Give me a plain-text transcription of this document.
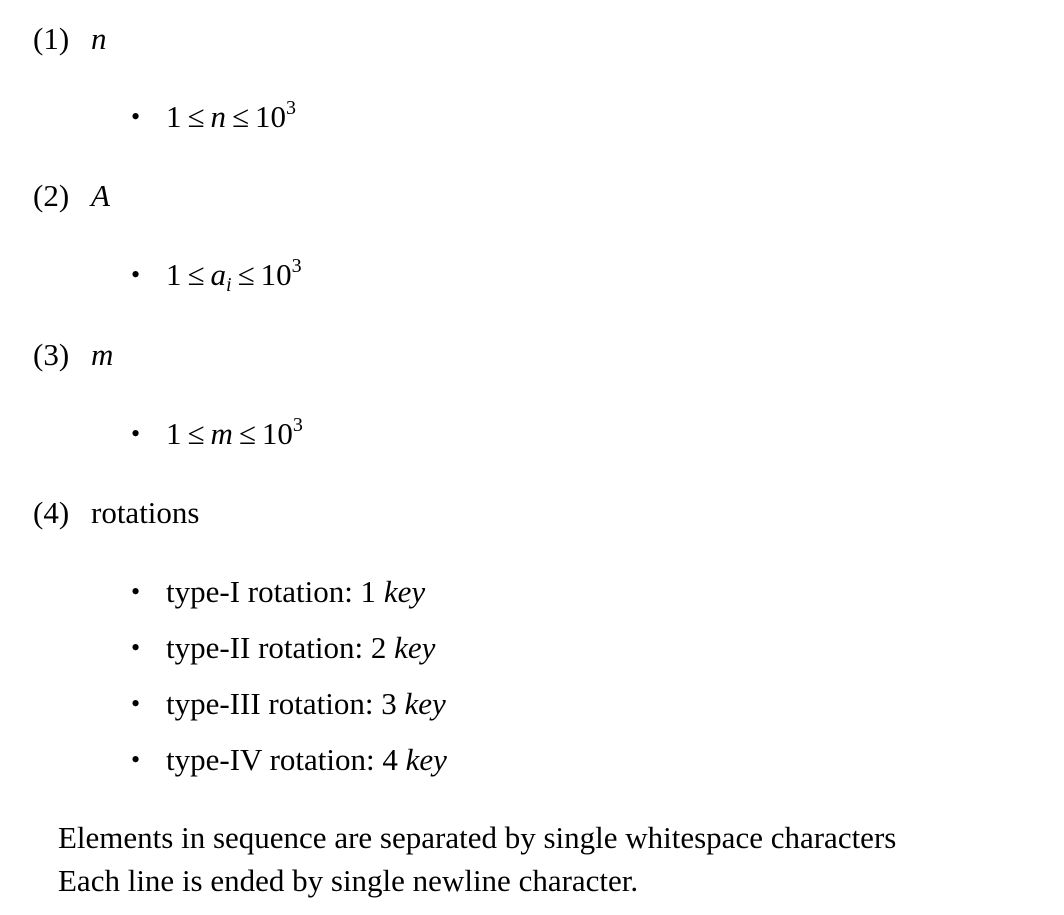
(1) n
• $1 \le n \le 10^3$
(2) A
• $1 \le a_i \le 10^3$
(3) m
• $1 \le m \le 10^3$
(4) rotations
• type-I rotation: 1 key
• type-II rotation: 2 key
• type-III rotation: 3 key
• type-IV rotation: 4 key
Elements in sequence are separated by single whitespace characters
Each line is ended by single newline character.
